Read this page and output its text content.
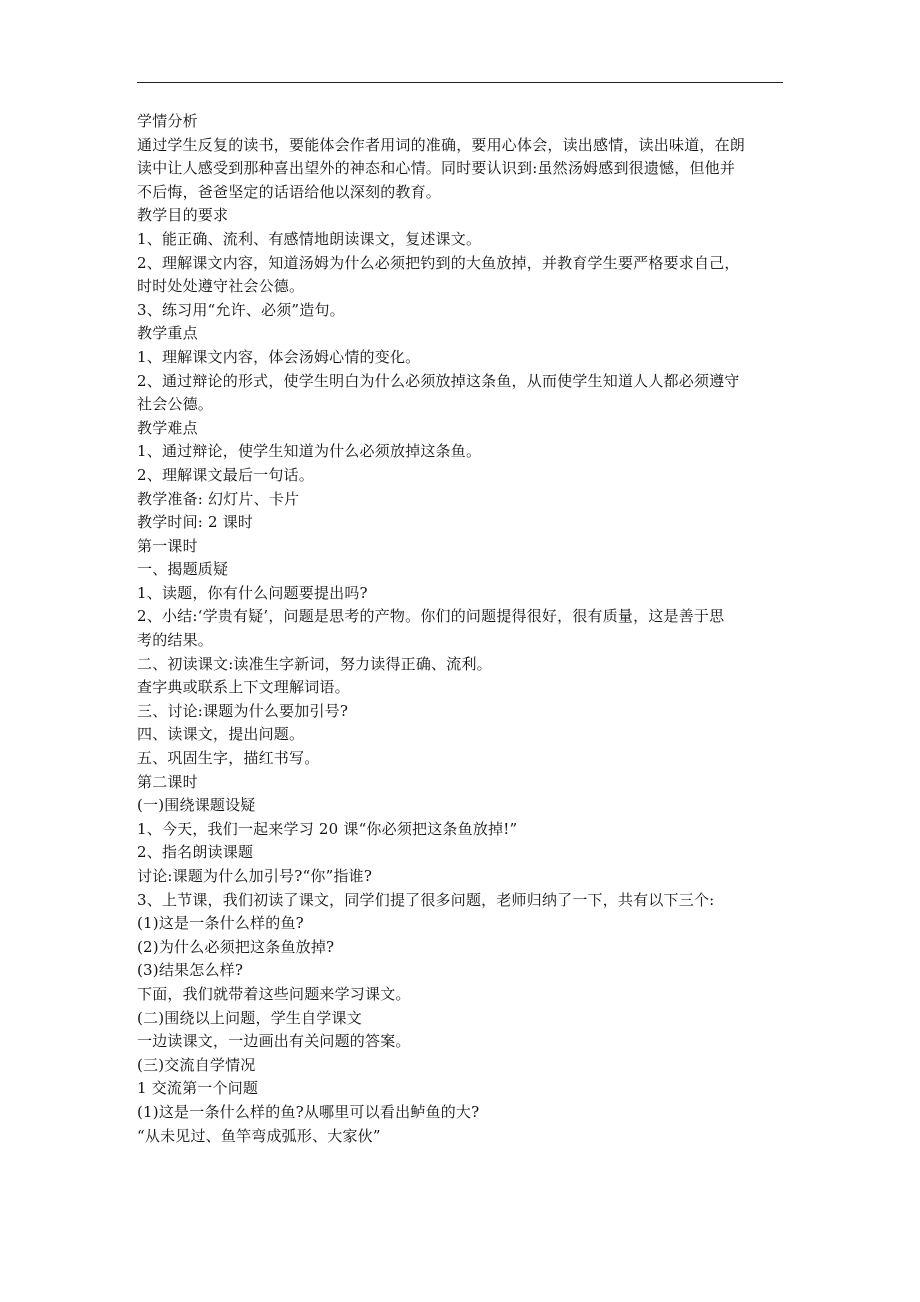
学情分析
通过学生反复的读书，要能体会作者用词的准确，要用心体会，读出感情，读出味道，在朗
读中让人感受到那种喜出望外的神态和心情。同时要认识到:虽然汤姆感到很遗憾，但他并
不后悔，爸爸坚定的话语给他以深刻的教育。
教学目的要求
1、能正确、流利、有感情地朗读课文，复述课文。
2、理解课文内容，知道汤姆为什么必须把钓到的大鱼放掉，并教育学生要严格要求自己，
时时处处遵守社会公德。
3、练习用“允许、必须”造句。
教学重点
1、理解课文内容，体会汤姆心情的变化。
2、通过辩论的形式，使学生明白为什么必须放掉这条鱼，从而使学生知道人人都必须遵守
社会公德。
教学难点
1、通过辩论，使学生知道为什么必须放掉这条鱼。
2、理解课文最后一句话。
教学准备: 幻灯片、卡片
教学时间: 2 课时
第一课时
一、揭题质疑
1、读题，你有什么问题要提出吗?
2、小结:‘学贵有疑’，问题是思考的产物。你们的问题提得很好，很有质量，这是善于思
考的结果。
二、初读课文:读准生字新词，努力读得正确、流利。
查字典或联系上下文理解词语。
三、讨论:课题为什么要加引号?
四、读课文，提出问题。
五、巩固生字，描红书写。
第二课时
(一)围绕课题设疑
1、今天，我们一起来学习 20 课“你必须把这条鱼放掉!”
2、指名朗读课题
讨论:课题为什么加引号?“你”指谁?
3、上节课，我们初读了课文，同学们提了很多问题，老师归纳了一下，共有以下三个:
(1)这是一条什么样的鱼?
(2)为什么必须把这条鱼放掉?
(3)结果怎么样?
下面，我们就带着这些问题来学习课文。
(二)围绕以上问题，学生自学课文
一边读课文，一边画出有关问题的答案。
(三)交流自学情况
1 交流第一个问题
(1)这是一条什么样的鱼?从哪里可以看出鲈鱼的大?
“从未见过、鱼竿弯成弧形、大家伙”
